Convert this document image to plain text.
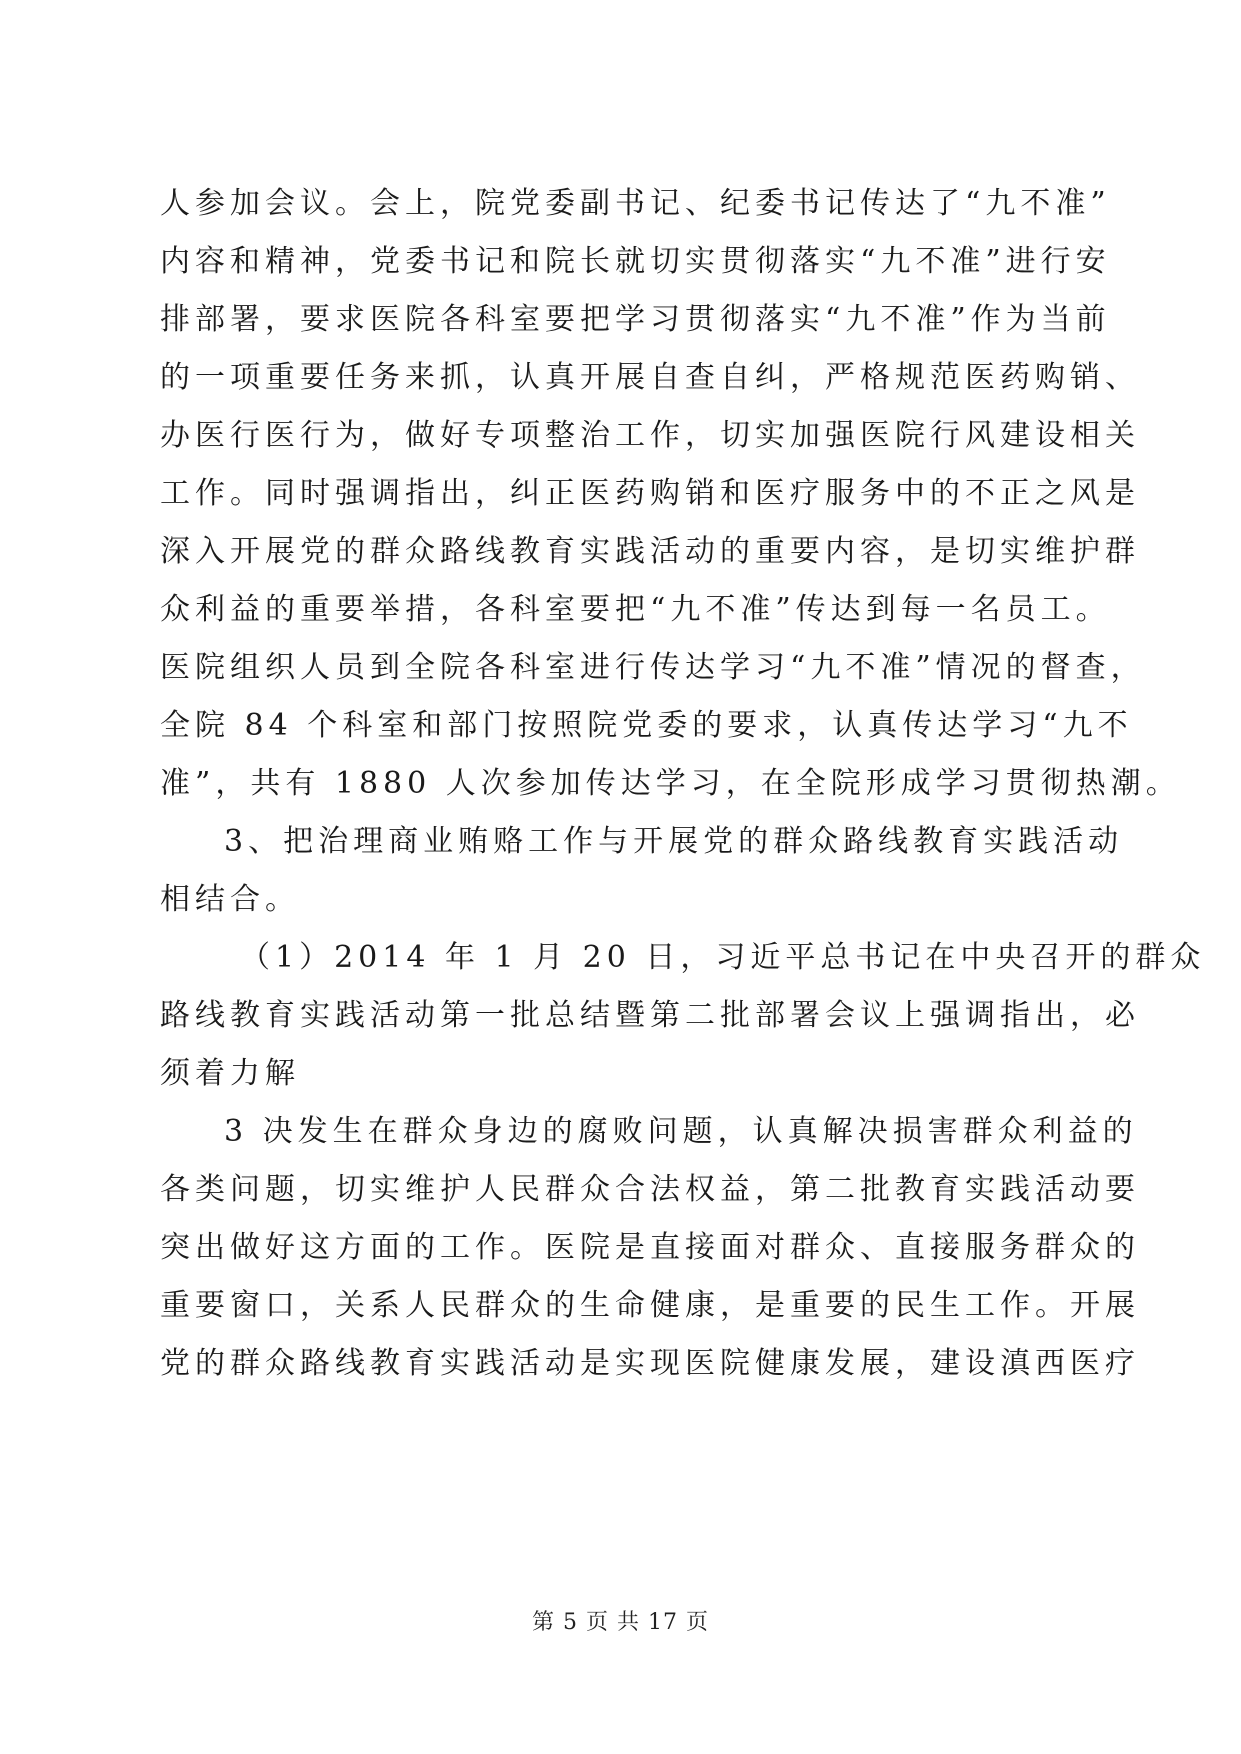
人参加会议。会上，院党委副书记、纪委书记传达了“九不准”
内容和精神，党委书记和院长就切实贯彻落实“九不准”进行安
排部署，要求医院各科室要把学习贯彻落实“九不准”作为当前
的一项重要任务来抓，认真开展自查自纠，严格规范医药购销、
办医行医行为，做好专项整治工作，切实加强医院行风建设相关
工作。同时强调指出，纠正医药购销和医疗服务中的不正之风是
深入开展党的群众路线教育实践活动的重要内容，是切实维护群
众利益的重要举措，各科室要把“九不准”传达到每一名员工。
医院组织人员到全院各科室进行传达学习“九不准”情况的督查，
全院 84 个科室和部门按照院党委的要求，认真传达学习“九不
准”，共有 1880 人次参加传达学习，在全院形成学习贯彻热潮。
3、把治理商业贿赂工作与开展党的群众路线教育实践活动
相结合。
（1）2014 年 1 月 20 日，习近平总书记在中央召开的群众
路线教育实践活动第一批总结暨第二批部署会议上强调指出，必
须着力解
3 决发生在群众身边的腐败问题，认真解决损害群众利益的
各类问题，切实维护人民群众合法权益，第二批教育实践活动要
突出做好这方面的工作。医院是直接面对群众、直接服务群众的
重要窗口，关系人民群众的生命健康，是重要的民生工作。开展
党的群众路线教育实践活动是实现医院健康发展，建设滇西医疗
第 5 页 共 17 页
